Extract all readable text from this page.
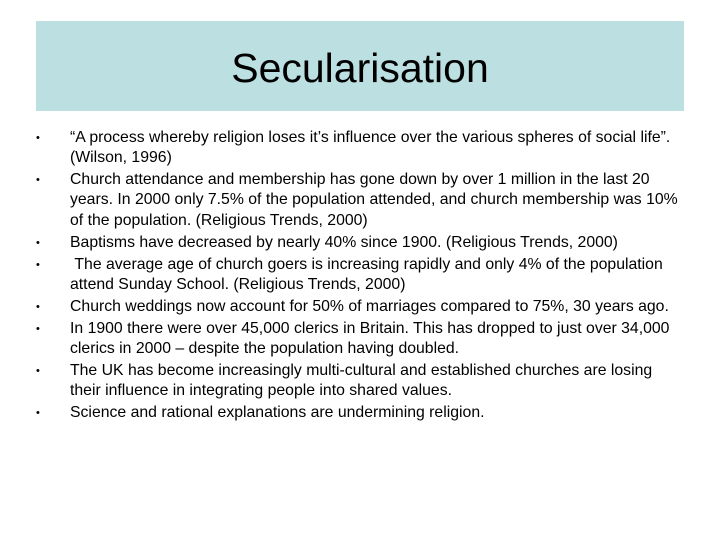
Secularisation
•	“A process whereby religion loses it’s influence over the various spheres of social life”. (Wilson, 1996)
•	Church attendance and membership has gone down by over 1 million in the last 20 years. In 2000 only 7.5% of the population attended, and church membership was 10% of the population. (Religious Trends, 2000)
•	Baptisms have decreased by nearly 40% since 1900. (Religious Trends, 2000)
•	The average age of church goers is increasing rapidly and only 4% of the population attend Sunday School. (Religious Trends, 2000)
•	Church weddings now account for 50% of marriages compared to 75%, 30 years ago.
•	In 1900 there were over 45,000 clerics in Britain. This has dropped to just over 34,000 clerics in 2000 – despite the population having doubled.
•	The UK has become increasingly multi-cultural and established churches are losing their influence in integrating people into shared values.
•	Science and rational explanations are undermining religion.
